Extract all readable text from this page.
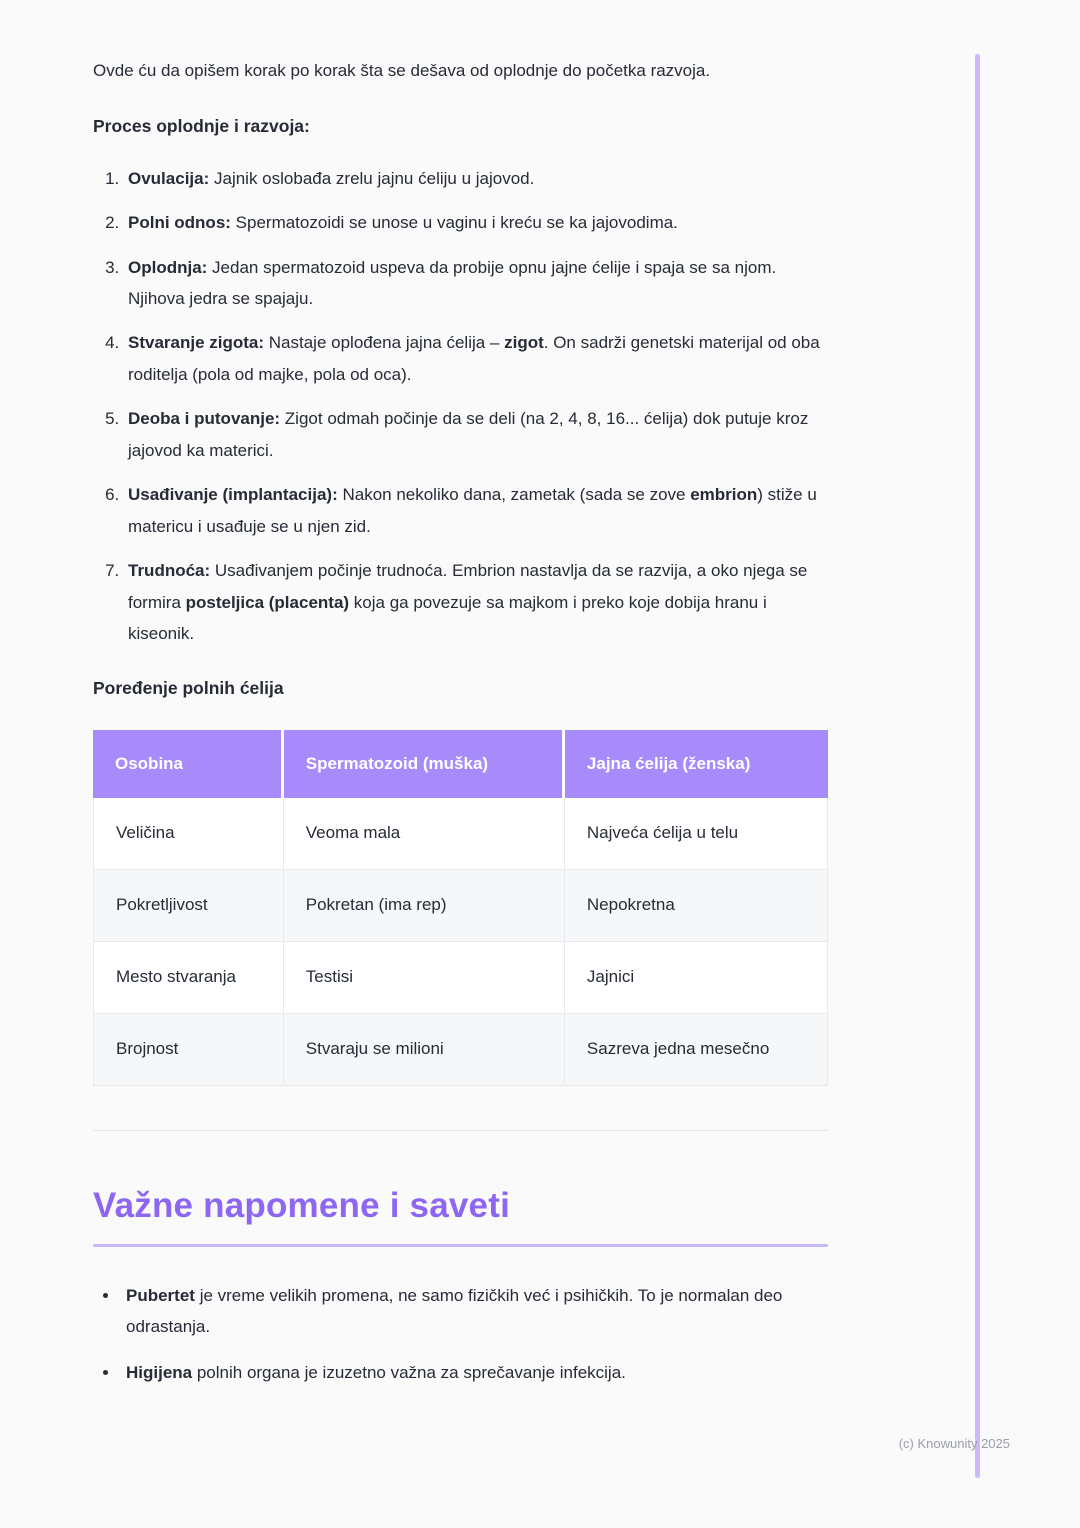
Ovde ću da opišem korak po korak šta se dešava od oplodnje do početka razvoja.

Proces oplodnje i razvoja:
1. Ovulacija: Jajnik oslobađa zrelu jajnu ćeliju u jajovod.
2. Polni odnos: Spermatozoidi se unose u vaginu i kreću se ka jajovodima.
3. Oplodnja: Jedan spermatozoid uspeva da probije opnu jajne ćelije i spaja se sa njom. Njihova jedra se spajaju.
4. Stvaranje zigota: Nastaje oplođena jajna ćelija – zigot. On sadrži genetski materijal od oba roditelja (pola od majke, pola od oca).
5. Deoba i putovanje: Zigot odmah počinje da se deli (na 2, 4, 8, 16... ćelija) dok putuje kroz jajovod ka materici.
6. Usađivanje (implantacija): Nakon nekoliko dana, zametak (sada se zove embrion) stiže u matericu i usađuje se u njen zid.
7. Trudnoća: Usađivanjem počinje trudnoća. Embrion nastavlja da se razvija, a oko njega se formira posteljica (placenta) koja ga povezuje sa majkom i preko koje dobija hranu i kiseonik.
Poređenje polnih ćelija
Osobina	Spermatozoid (muška)	Jajna ćelija (ženska)
Veličina	Veoma mala	Najveća ćelija u telu
Pokretljivost	Pokretan (ima rep)	Nepokretna
Mesto stvaranja	Testisi	Jajnici
Brojnost	Stvaraju se milioni	Sazreva jedna mesečno
Važne napomene i saveti
• Pubertet je vreme velikih promena, ne samo fizičkih već i psihičkih. To je normalan deo odrastanja.
• Higijena polnih organa je izuzetno važna za sprečavanje infekcija.
(c) Knowunity 2025
